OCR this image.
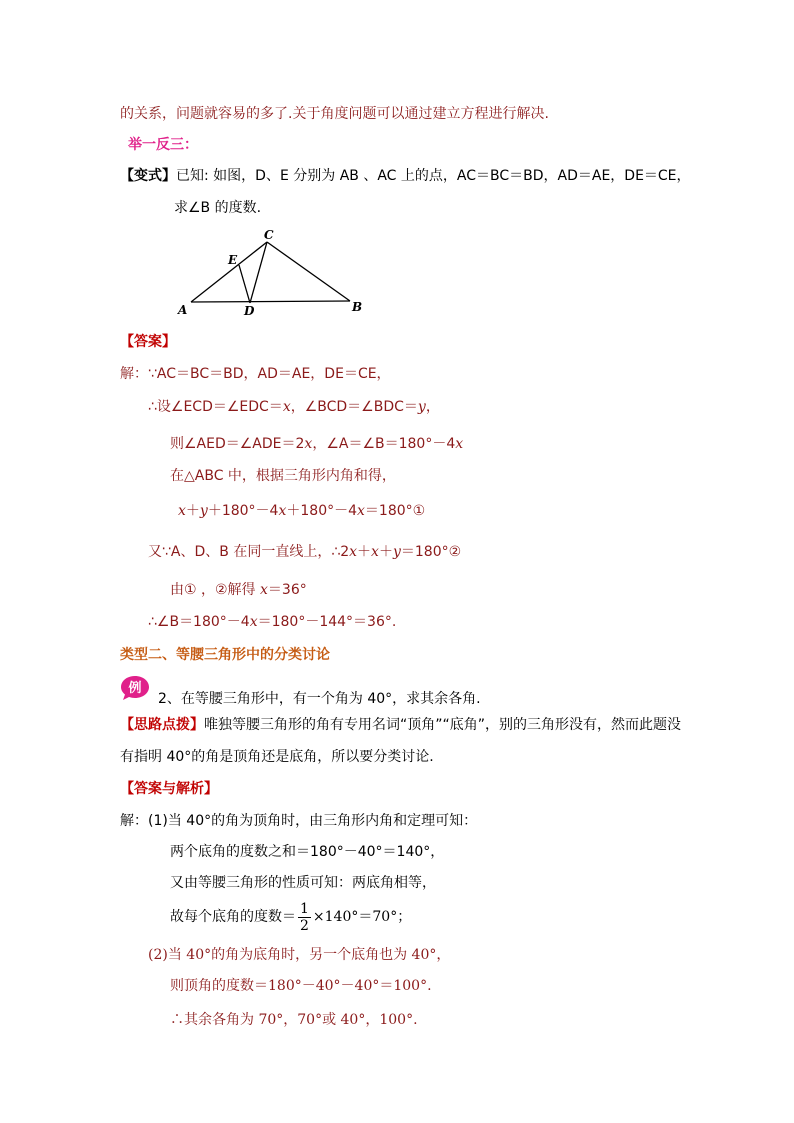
的关系，问题就容易的多了.关于角度问题可以通过建立方程进行解决.
举一反三：
【变式】已知: 如图，D、E 分别为 AB 、AC 上的点，AC＝BC＝BD，AD＝AE，DE＝CE，
求∠B 的度数.
C
E
A	D	B
【答案】
解：∵AC＝BC＝BD，AD＝AE，DE＝CE，
∴设∠ECD＝∠EDC＝x，∠BCD＝∠BDC＝y，
则∠AED＝∠ADE＝2x，∠A＝∠B＝180°－4x
在△ABC 中，根据三角形内角和得，
x＋y＋180°－4x＋180°－4x＝180°①
又∵A、D、B 在同一直线上，∴2x＋x＋y＝180°②
由① ，②解得 x＝36°
∴∠B＝180°－4x＝180°－144°＝36°.
类型二、等腰三角形中的分类讨论
例
2、在等腰三角形中，有一个角为 40°，求其余各角.
【思路点拨】唯独等腰三角形的角有专用名词“顶角”“底角”，别的三角形没有，然而此题没
有指明 40°的角是顶角还是底角，所以要分类讨论.
【答案与解析】
解：(1)当 40°的角为顶角时，由三角形内角和定理可知：
两个底角的度数之和＝180°－40°＝140°，
又由等腰三角形的性质可知：两底角相等，
故每个底角的度数＝ $\frac{1}{2} \times 140^\circ=70^\circ$；
(2)当 40°的角为底角时，另一个底角也为 40°，
则顶角的度数＝180°－40°－40°＝100°.
∴其余各角为 70°，70°或 40°，100°.
